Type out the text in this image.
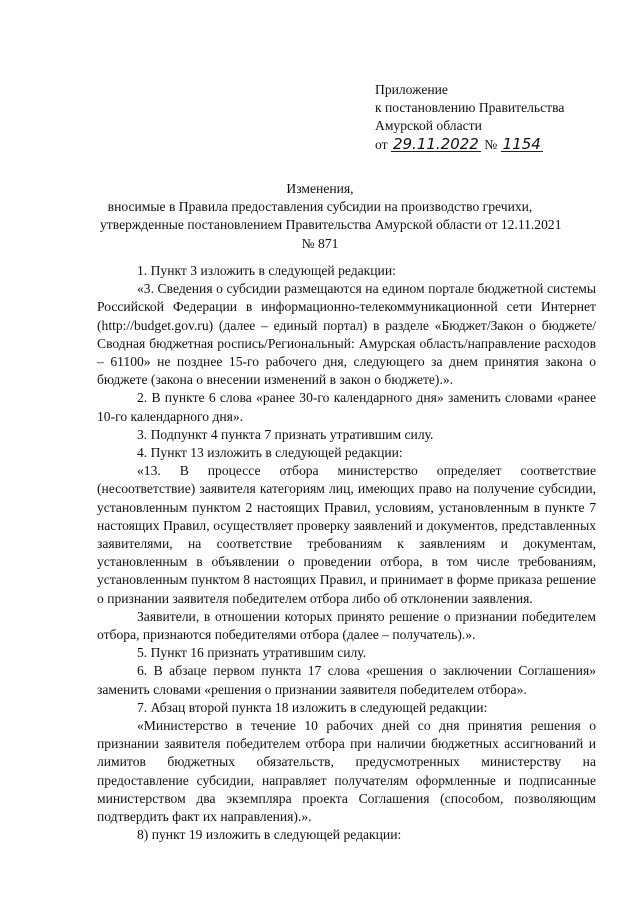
Приложение
к постановлению Правительства
Амурской области
от 29.11.2022 № 1154
Изменения,
вносимые в Правила предоставления субсидии на производство гречихи,
утвержденные постановлением Правительства Амурской области от 12.11.2021
№ 871

1. Пункт 3 изложить в следующей редакции:

«3. Сведения о субсидии размещаются на едином портале бюджетной системы Российской Федерации в информационно-телекоммуникационной сети Интернет (http://budget.gov.ru) (далее – единый портал) в разделе «Бюджет/Закон о бюджете/Сводная бюджетная роспись/Региональный: Амурская область/направление расходов – 61100» не позднее 15-го рабочего дня, следующего за днем принятия закона о бюджете (закона о внесении изменений в закон о бюджете).».

2. В пункте 6 слова «ранее 30-го календарного дня» заменить словами «ранее 10-го календарного дня».

3. Подпункт 4 пункта 7 признать утратившим силу.

4. Пункт 13 изложить в следующей редакции:

«13. В процессе отбора министерство определяет соответствие (несоответствие) заявителя категориям лиц, имеющих право на получение субсидии, установленным пунктом 2 настоящих Правил, условиям, установленным в пункте 7 настоящих Правил, осуществляет проверку заявлений и документов, представленных заявителями, на соответствие требованиям к заявлениям и документам, установленным в объявлении о проведении отбора, в том числе требованиям, установленным пунктом 8 настоящих Правил, и принимает в форме приказа решение о признании заявителя победителем отбора либо об отклонении заявления.

Заявители, в отношении которых принято решение о признании победителем отбора, признаются победителями отбора (далее – получатель).».

5. Пункт 16 признать утратившим силу.

6. В абзаце первом пункта 17 слова «решения о заключении Соглашения» заменить словами «решения о признании заявителя победителем отбора».

7. Абзац второй пункта 18 изложить в следующей редакции:

«Министерство в течение 10 рабочих дней со дня принятия решения о признании заявителя победителем отбора при наличии бюджетных ассигнований и лимитов бюджетных обязательств, предусмотренных министерству на предоставление субсидии, направляет получателям оформленные и подписанные министерством два экземпляра проекта Соглашения (способом, позволяющим подтвердить факт их направления).».

8) пункт 19 изложить в следующей редакции:
